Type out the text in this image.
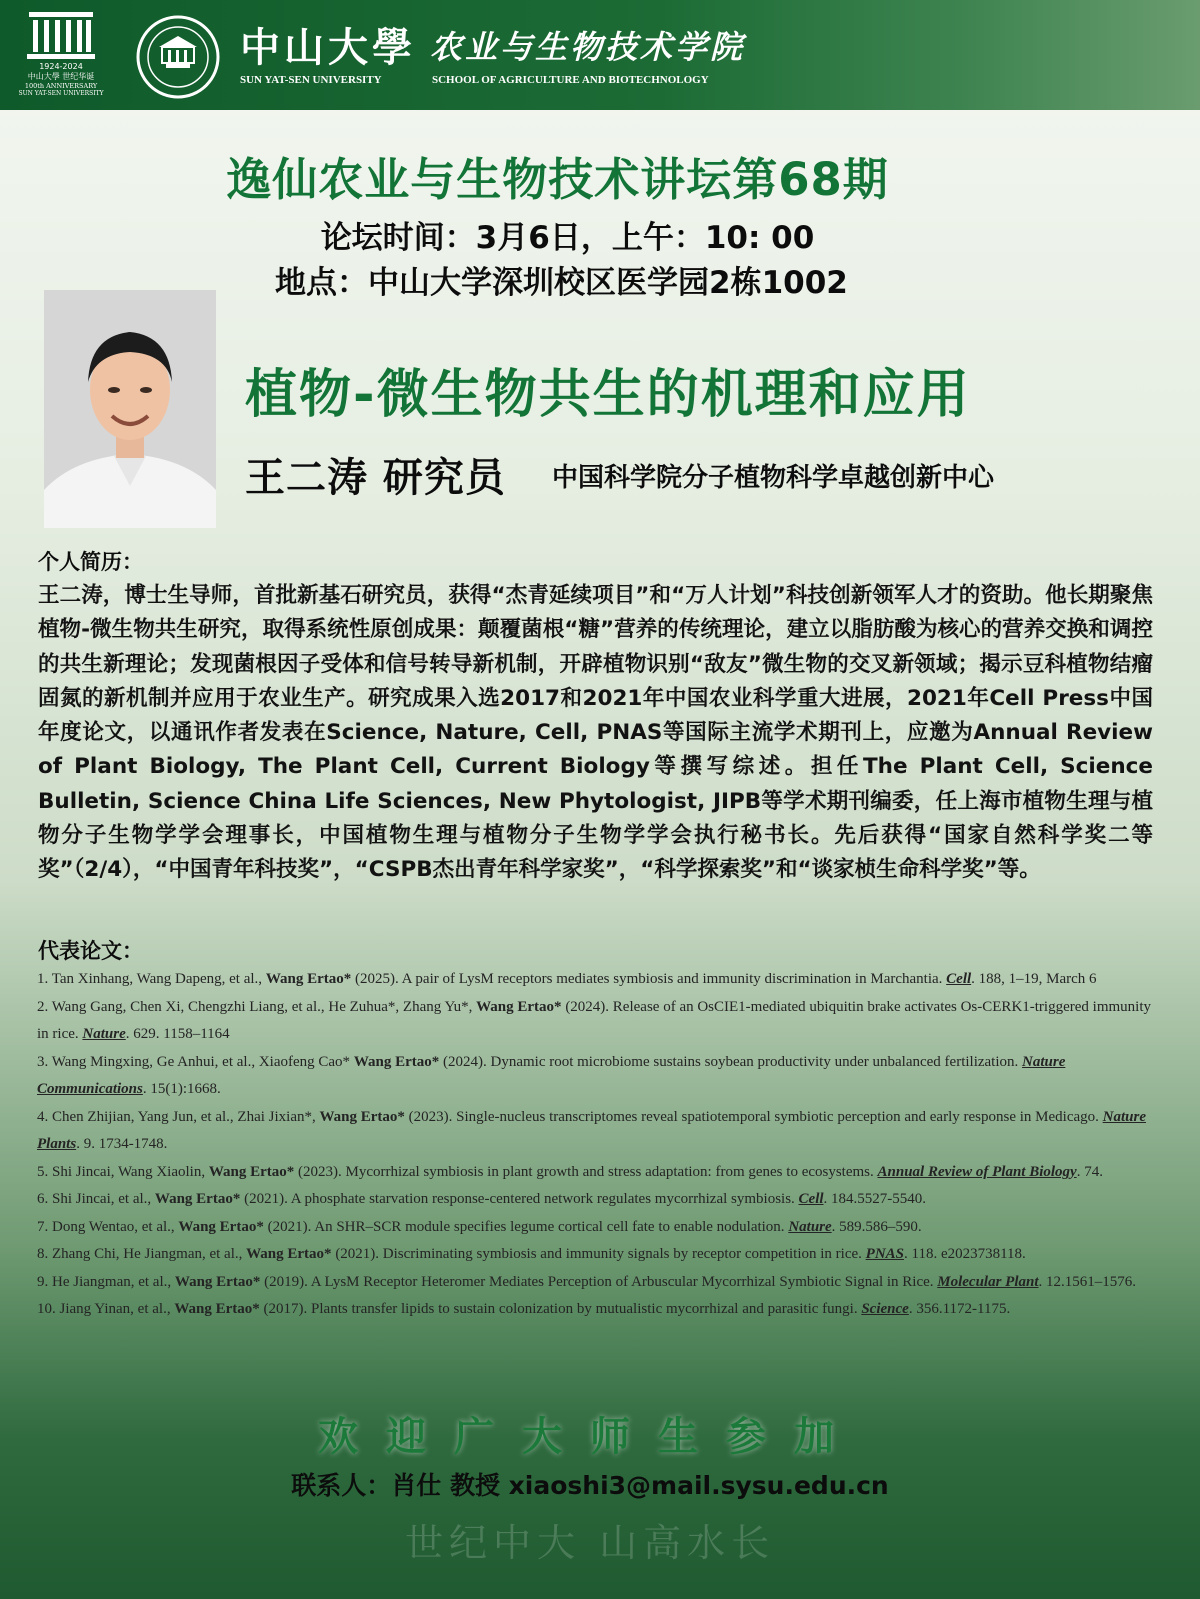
1924-2024
中山大學 世纪华诞
100th ANNIVERSARY
SUN YAT-SEN UNIVERSITY
中山大學 农业与生物技术学院
SUN YAT-SEN UNIVERSITY	SCHOOL OF AGRICULTURE AND BIOTECHNOLOGY
逸仙农业与生物技术讲坛第68期
论坛时间：3月6日，上午：10: 00
地点：中山大学深圳校区医学园2栋1002
植物-微生物共生的机理和应用
王二涛 研究员 中国科学院分子植物科学卓越创新中心
个人简历：
王二涛，博士生导师，首批新基石研究员，获得“杰青延续项目”和“万人计划”科技创新领军人才的资助。他长期聚焦植物-微生物共生研究，取得系统性原创成果：颠覆菌根“糖”营养的传统理论，建立以脂肪酸为核心的营养交换和调控的共生新理论；发现菌根因子受体和信号转导新机制，开辟植物识别“敌友”微生物的交叉新领域；揭示豆科植物结瘤固氮的新机制并应用于农业生产。研究成果入选2017和2021年中国农业科学重大进展，2021年Cell Press中国年度论文，以通讯作者发表在Science, Nature, Cell, PNAS等国际主流学术期刊上，应邀为Annual Review of Plant Biology, The Plant Cell, Current Biology等撰写综述。担任The Plant Cell, Science Bulletin, Science China Life Sciences, New Phytologist, JIPB等学术期刊编委，任上海市植物生理与植物分子生物学学会理事长，中国植物生理与植物分子生物学学会执行秘书长。先后获得“国家自然科学奖二等奖”（2/4），“中国青年科技奖”，“CSPB杰出青年科学家奖”，“科学探索奖”和“谈家桢生命科学奖”等。
代表论文：
1. Tan Xinhang, Wang Dapeng, et al., Wang Ertao* (2025). A pair of LysM receptors mediates symbiosis and immunity discrimination in Marchantia. Cell. 188, 1–19, March 6
2. Wang Gang, Chen Xi, Chengzhi Liang, et al., He Zuhua*, Zhang Yu*, Wang Ertao* (2024). Release of an OsCIE1-mediated ubiquitin brake activates Os-CERK1-triggered immunity in rice. Nature. 629. 1158–1164
3. Wang Mingxing, Ge Anhui, et al., Xiaofeng Cao* Wang Ertao* (2024). Dynamic root microbiome sustains soybean productivity under unbalanced fertilization. Nature Communications. 15(1):1668.
4. Chen Zhijian, Yang Jun, et al., Zhai Jixian*, Wang Ertao* (2023). Single-nucleus transcriptomes reveal spatiotemporal symbiotic perception and early response in Medicago. Nature Plants. 9. 1734-1748.
5. Shi Jincai, Wang Xiaolin, Wang Ertao* (2023). Mycorrhizal symbiosis in plant growth and stress adaptation: from genes to ecosystems. Annual Review of Plant Biology. 74.
6. Shi Jincai, et al., Wang Ertao* (2021). A phosphate starvation response-centered network regulates mycorrhizal symbiosis. Cell. 184.5527-5540.
7. Dong Wentao, et al., Wang Ertao* (2021). An SHR–SCR module specifies legume cortical cell fate to enable nodulation. Nature. 589.586–590.
8. Zhang Chi, He Jiangman, et al., Wang Ertao* (2021). Discriminating symbiosis and immunity signals by receptor competition in rice. PNAS. 118. e2023738118.
9. He Jiangman, et al., Wang Ertao* (2019). A LysM Receptor Heteromer Mediates Perception of Arbuscular Mycorrhizal Symbiotic Signal in Rice. Molecular Plant. 12.1561–1576.
10. Jiang Yinan, et al., Wang Ertao* (2017). Plants transfer lipids to sustain colonization by mutualistic mycorrhizal and parasitic fungi. Science. 356.1172-1175.
欢迎广大师生参加
联系人：肖仕 教授 xiaoshi3@mail.sysu.edu.cn
世纪中大 山高水长
